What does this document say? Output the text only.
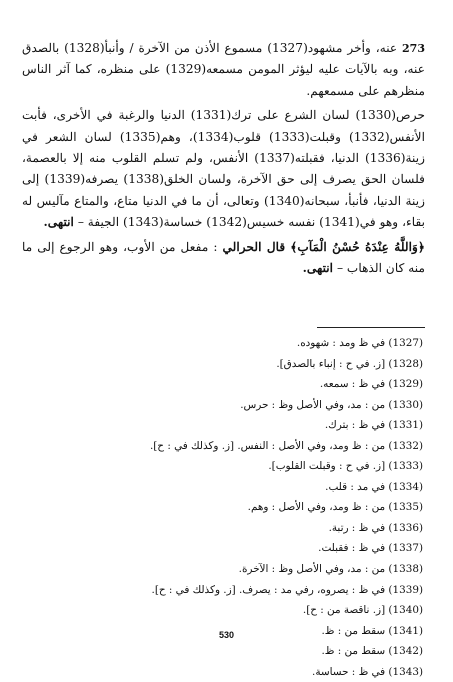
273 عنه، وأخر مشهود(1327) مسموع الأذن من الآخرة / وأنبأ(1328) بالصدق عنه، وبه بالآيات عليه ليؤثر المومن مسمعه(1329) على منظره، كما آثر الناس منظرهم على مسمعهم.

حرص(1330) لسان الشرع على ترك(1331) الدنيا والرغبة في الأخرى، فأبت الأنفس(1332) وقبلت(1333) قلوب(1334)، وهم(1335) لسان الشعر في زينة(1336) الدنيا، فقبلته(1337) الأنفس، ولم تسلم القلوب منه إلا بالعصمة، فلسان الحق يصرف إلى حق الآخرة، ولسان الخلق(1338) يصرفه(1339) إلى زينة الدنيا، فأنبأ، سبحانه(1340) وتعالى، أن ما في الدنيا متاع، والمتاع مآليس له بقاء، وهو في(1341) نفسه خسيس(1342) خساسة(1343) الجيفة – انتهى.

﴿وَاللَّهُ عِنْدَهُ حُسْنُ الْمَآبِ﴾ قال الحرالي : مفعل من الأوب، وهو الرجوع إلى ما منه كان الذهاب – انتهى.

(1327) في ظ ومد : شهوده.
(1328) [ز. في ح : إنباء بالصدق].
(1329) في ظ : سمعه.
(1330) من : مد، وفي الأصل وظ : حرس.
(1331) في ظ : بترك.
(1332) من : ظ ومد، وفي الأصل : النفس. [ز. وكذلك في : ح].
(1333) [ز. في ح : وقبلت القلوب].
(1334) في مد : قلب.
(1335) من : ظ ومد، وفي الأصل : وهم.
(1336) في ظ : رتبة.
(1337) في ظ : فقبلت.
(1338) من : مد، وفي الأصل وظ : الآخرة.
(1339) في ظ : يصروه، رفي مد : يصرف. [ز. وكذلك في : ح].
(1340) [ز. ناقصة من : ح].
(1341) سقط من : ظ.
(1342) سقط من : ظ.
(1343) في ظ : حساسة.
530
